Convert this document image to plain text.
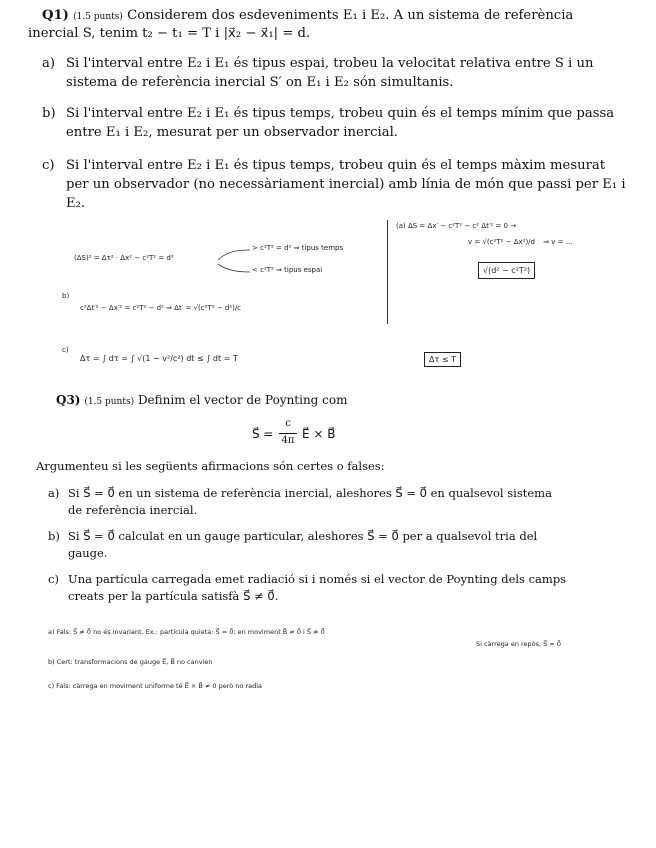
Q1) (1.5 punts) Considerem dos esdeveniments E₁ i E₂. A un sistema de referència
inercial S, tenim t₂ − t₁ = T i |x⃗₂ − x⃗₁| = d.
a) Si l'interval entre E₂ i E₁ és tipus espai, trobeu la velocitat relativa entre S i un
sistema de referència inercial S′ on E₁ i E₂ són simultanis.
b) Si l'interval entre E₂ i E₁ és tipus temps, trobeu quin és el temps mínim que passa
entre E₁ i E₂, mesurat per un observador inercial.
c) Si l'interval entre E₂ i E₁ és tipus temps, trobeu quin és el temps màxim mesurat
per un observador (no necessàriament inercial) amb línia de món que passi per E₁ i
E₂.
(a) ΔS = Δx′ − c²T² − c² Δt′² = 0 →
v = √(c²T² − Δx²)/d ⇒ v = ...
√(d² − c²T²)
(ΔS)² = Δτ² · Δx² − c²T² = d²
> c²T² = d² ⇒ tipus temps
< c²T² ⇒ tipus espai
b)
c²Δt′² − Δx′² = c²T² − d² ⇒ Δt′ = √(c²T² − d²)/c
c)
Δτ = ∫ dτ = ∫ √(1 − v²/c²) dt ≤ ∫ dt = T	Δτ ≤ T
Q3) (1.5 punts) Definim el vector de Poynting com
S⃗ =
c
4π E⃗ × B⃗
Argumenteu si les següents afirmacions són certes o falses:
a) Si S⃗ = 0⃗ en un sistema de referència inercial, aleshores S⃗ = 0⃗ en qualsevol sistema
de referència inercial.
b) Si S⃗ = 0⃗ calculat en un gauge particular, aleshores S⃗ = 0⃗ per a qualsevol tria del
gauge.
c) Una partícula carregada emet radiació si i només si el vector de Poynting dels camps
creats per la partícula satisfà S⃗ ≠ 0⃗.
a) Fals: S⃗ ≠ 0⃗ no és invariant. Ex.: partícula quieta: S⃗ = 0⃗; en moviment B⃗ ≠ 0⃗ i S⃗ ≠ 0⃗
Si càrrega en repòs, S⃗ = 0⃗
b) Cert: transformacions de gauge E⃗, B⃗ no canvien
c) Fals: càrrega en moviment uniforme té E⃗ × B⃗ ≠ 0 però no radia
